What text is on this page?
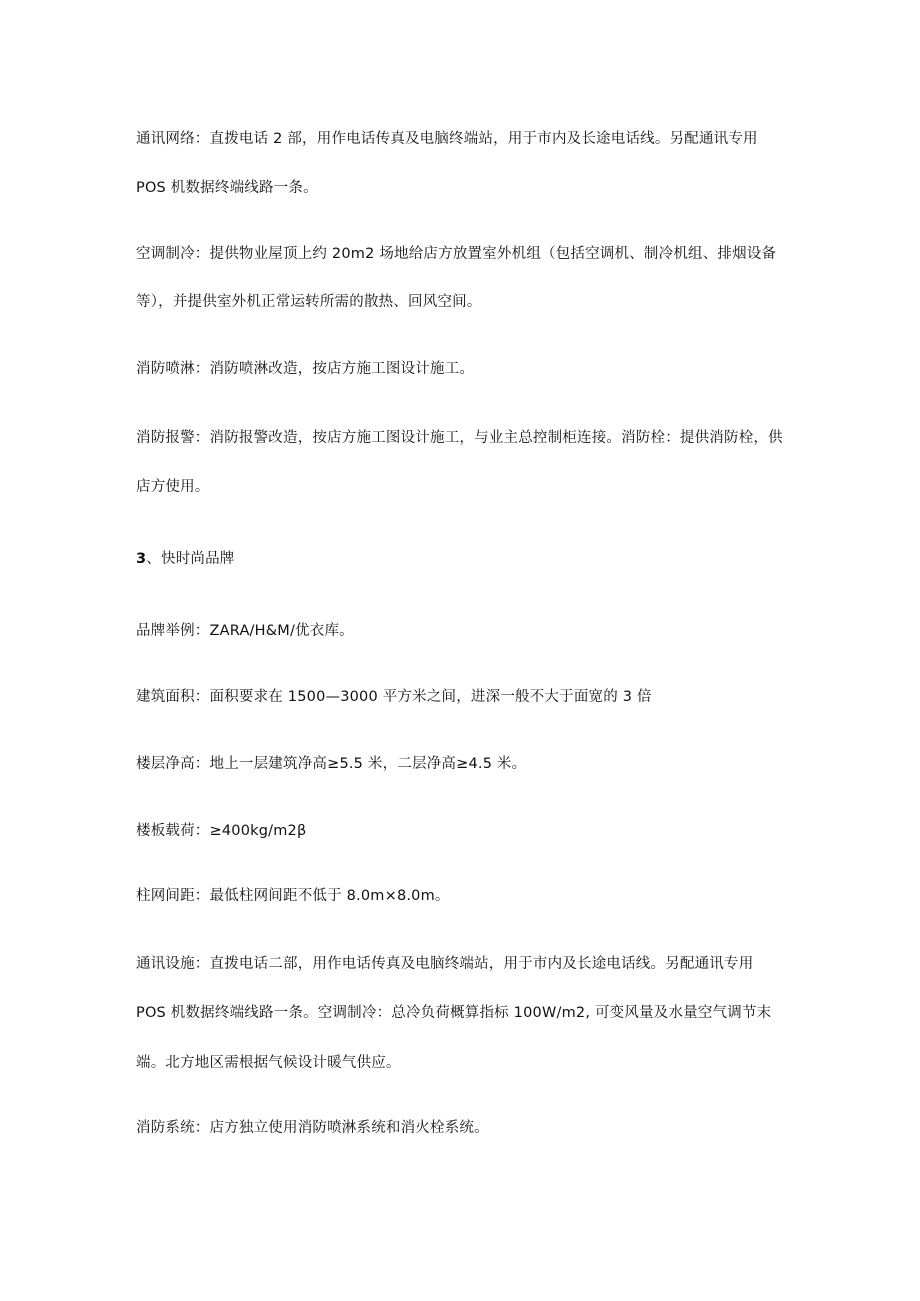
通讯网络：直拨电话 2 部，用作电话传真及电脑终端站，用于市内及长途电话线。另配通讯专用
POS 机数据终端线路一条。
空调制冷：提供物业屋顶上约 20m2 场地给店方放置室外机组（包括空调机、制冷机组、排烟设备
等），并提供室外机正常运转所需的散热、回风空间。
消防喷淋：消防喷淋改造，按店方施工图设计施工。
消防报警：消防报警改造，按店方施工图设计施工，与业主总控制柜连接。消防栓：提供消防栓，供
店方使用。
3、快时尚品牌
品牌举例：ZARA/H&M/优衣库。
建筑面积：面积要求在 1500—3000 平方米之间，进深一般不大于面宽的 3 倍
楼层净高：地上一层建筑净高≥5.5 米，二层净高≥4.5 米。
楼板载荷：≥400kg∕m2β
柱网间距：最低柱网间距不低于 8.0m×8.0m。
通讯设施：直拨电话二部，用作电话传真及电脑终端站，用于市内及长途电话线。另配通讯专用
POS 机数据终端线路一条。空调制冷：总冷负荷概算指标 100W/m2, 可变风量及水量空气调节末
端。北方地区需根据气候设计暖气供应。
消防系统：店方独立使用消防喷淋系统和消火栓系统。
